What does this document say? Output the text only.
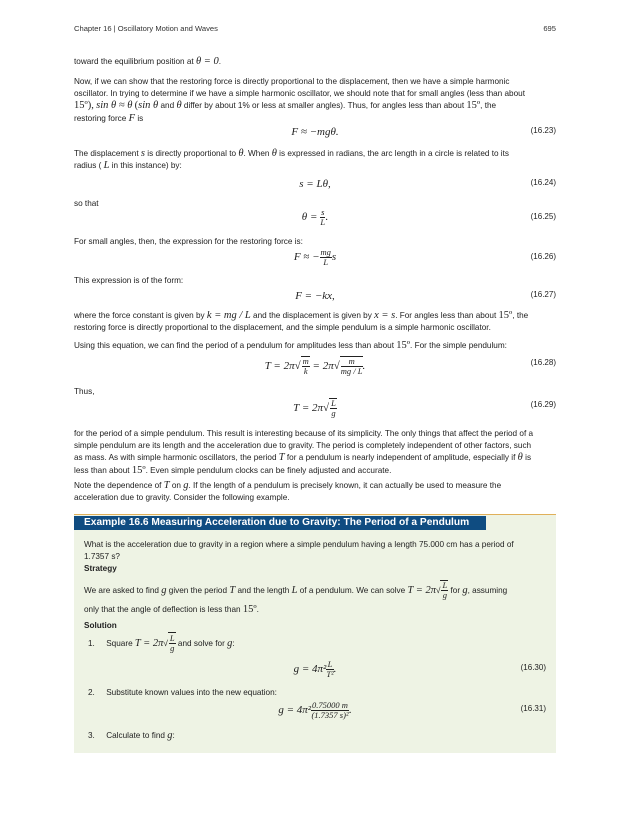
Chapter 16 | Oscillatory Motion and Waves	695

toward the equilibrium position at θ = 0.

Now, if we can show that the restoring force is directly proportional to the displacement, then we have a simple harmonic
oscillator. In trying to determine if we have a simple harmonic oscillator, we should note that for small angles (less than about
15º), sin θ ≈ θ (sin θ and θ differ by about 1% or less at smaller angles). Thus, for angles less than about 15º, the
restoring force F is

F ≈ −mgθ.	(16.23)

The displacement s is directly proportional to θ. When θ is expressed in radians, the arc length in a circle is related to its
radius ( L in this instance) by:

s = Lθ,	(16.24)

so that

$\theta = \frac{s}{L}$ .	(16.25)

For small angles, then, the expression for the restoring force is:

F ≈ − $\frac{mg}{L}$ s	(16.26)

This expression is of the form:

F = −kx,	(16.27)

where the force constant is given by k = mg / L and the displacement is given by x = s. For angles less than about 15º, the
restoring force is directly proportional to the displacement, and the simple pendulum is a simple harmonic oscillator.

Using this equation, we can find the period of a pendulum for amplitudes less than about 15º. For the simple pendulum:

$T = 2\pi√ \frac{m}{k} = 2\pi√ \frac{m}{mg / L}$ .	(16.28)

Thus,

$T = 2\pi√ \frac{L}{g}$	(16.29)

for the period of a simple pendulum. This result is interesting because of its simplicity. The only things that affect the period of a
simple pendulum are its length and the acceleration due to gravity. The period is completely independent of other factors, such
as mass. As with simple harmonic oscillators, the period T for a pendulum is nearly independent of amplitude, especially if θ is
less than about 15º. Even simple pendulum clocks can be finely adjusted and accurate.

Note the dependence of T on g. If the length of a pendulum is precisely known, it can actually be used to measure the
acceleration due to gravity. Consider the following example.

Example 16.6 Measuring Acceleration due to Gravity: The Period of a Pendulum

What is the acceleration due to gravity in a region where a simple pendulum having a length 75.000 cm has a period of
1.7357 s?

Strategy

We are asked to find g given the period T and the length L of a pendulum. We can solve $T = 2\pi√ \frac{L}{g}$ for g, assuming
only that the angle of deflection is less than 15º.

Solution

1. Square $T = 2\pi√ \frac{L}{g}$ and solve for g:

$g = 4\pi^2 \frac{L}{\text{T²}}$ .	(16.30)

2. Substitute known values into the new equation:

$g = 4\pi^2 \frac{0.75000 m}{\text{(1.7357 s)²}}$ .	(16.31)

3. Calculate to find g:
